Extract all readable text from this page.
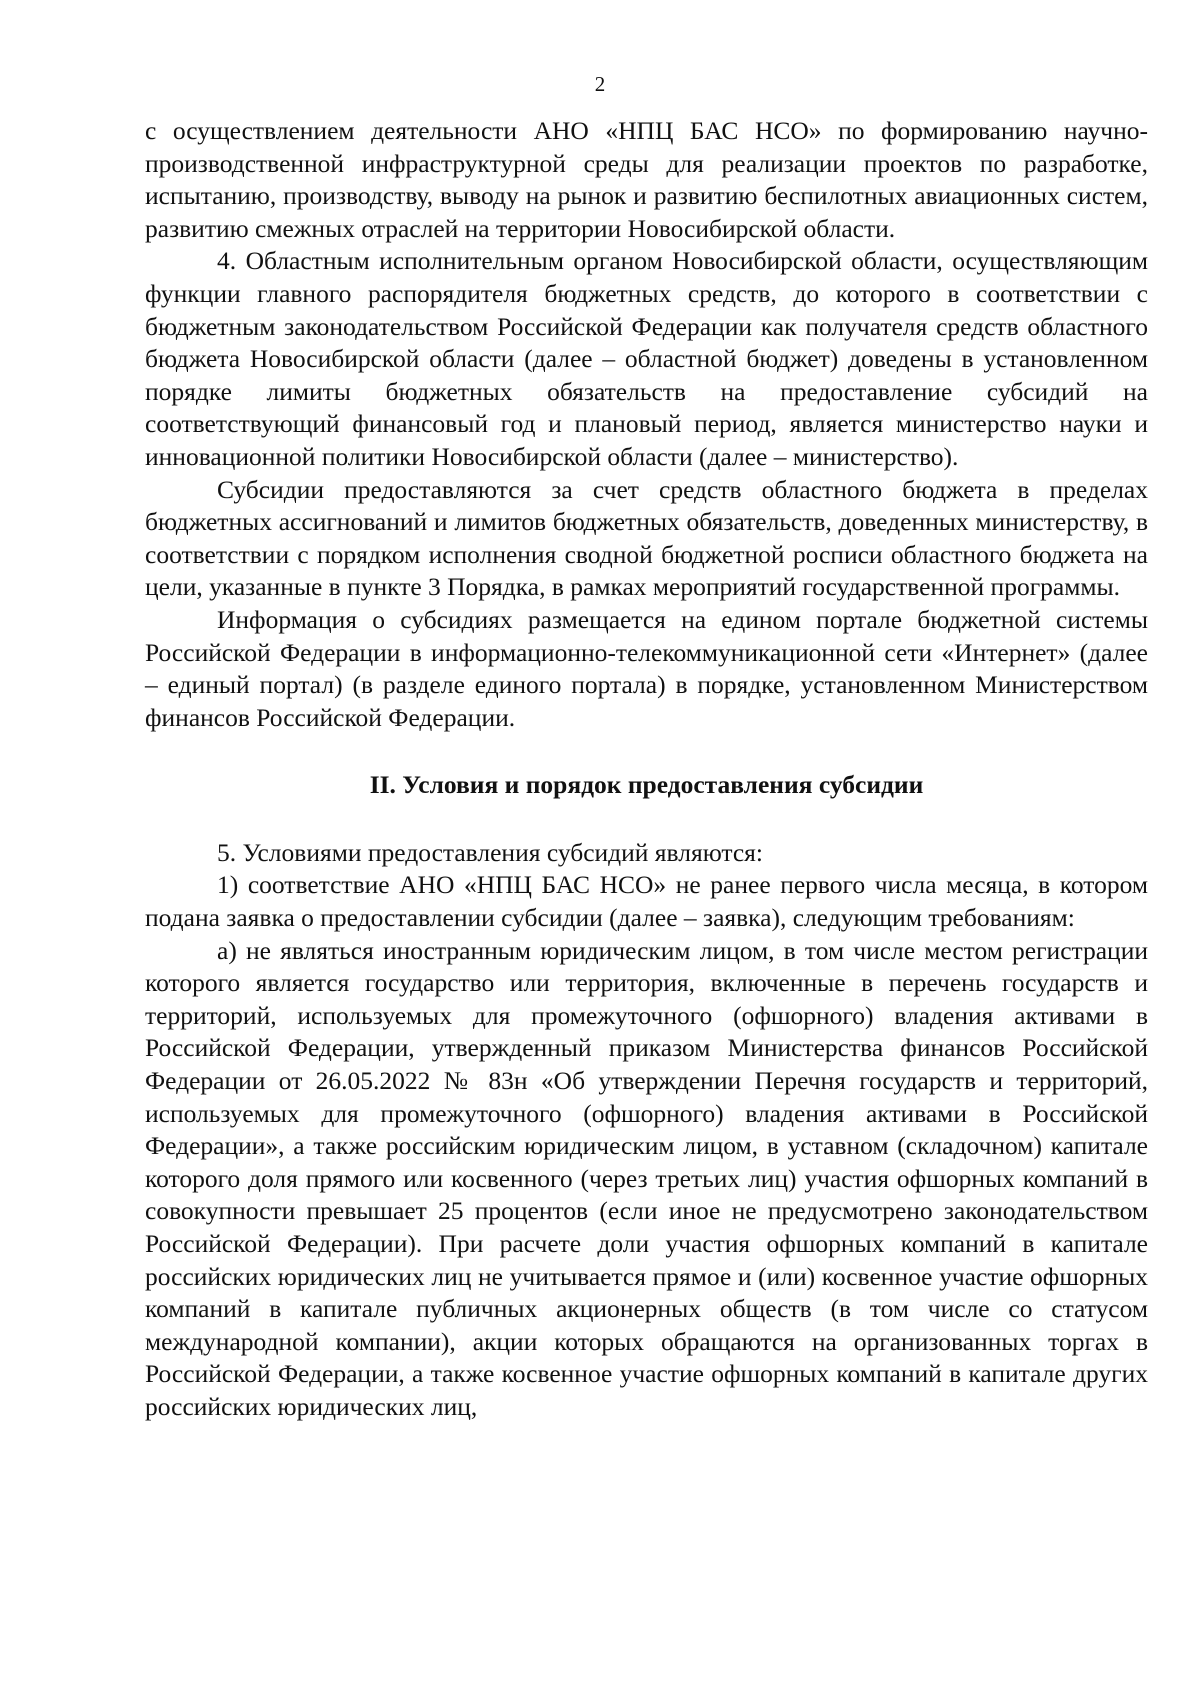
2

с осуществлением деятельности АНО «НПЦ БАС НСО» по формированию научно-производственной инфраструктурной среды для реализации проектов по разработке, испытанию, производству, выводу на рынок и развитию беспилотных авиационных систем, развитию смежных отраслей на территории Новосибирской области.

4. Областным исполнительным органом Новосибирской области, осуществляющим функции главного распорядителя бюджетных средств, до которого в соответствии с бюджетным законодательством Российской Федерации как получателя средств областного бюджета Новосибирской области (далее – областной бюджет) доведены в установленном порядке лимиты бюджетных обязательств на предоставление субсидий на соответствующий финансовый год и плановый период, является министерство науки и инновационной политики Новосибирской области (далее – министерство).

Субсидии предоставляются за счет средств областного бюджета в пределах бюджетных ассигнований и лимитов бюджетных обязательств, доведенных министерству, в соответствии с порядком исполнения сводной бюджетной росписи областного бюджета на цели, указанные в пункте 3 Порядка, в рамках мероприятий государственной программы.

Информация о субсидиях размещается на едином портале бюджетной системы Российской Федерации в информационно-телекоммуникационной сети «Интернет» (далее – единый портал) (в разделе единого портала) в порядке, установленном Министерством финансов Российской Федерации.

II. Условия и порядок предоставления субсидии

5. Условиями предоставления субсидий являются:

1) соответствие АНО «НПЦ БАС НСО» не ранее первого числа месяца, в котором подана заявка о предоставлении субсидии (далее – заявка), следующим требованиям:

а) не являться иностранным юридическим лицом, в том числе местом регистрации которого является государство или территория, включенные в перечень государств и территорий, используемых для промежуточного (офшорного) владения активами в Российской Федерации, утвержденный приказом Министерства финансов Российской Федерации от 26.05.2022 № 83н «Об утверждении Перечня государств и территорий, используемых для промежуточного (офшорного) владения активами в Российской Федерации», а также российским юридическим лицом, в уставном (складочном) капитале которого доля прямого или косвенного (через третьих лиц) участия офшорных компаний в совокупности превышает 25 процентов (если иное не предусмотрено законодательством Российской Федерации). При расчете доли участия офшорных компаний в капитале российских юридических лиц не учитывается прямое и (или) косвенное участие офшорных компаний в капитале публичных акционерных обществ (в том числе со статусом международной компании), акции которых обращаются на организованных торгах в Российской Федерации, а также косвенное участие офшорных компаний в капитале других российских юридических лиц,
